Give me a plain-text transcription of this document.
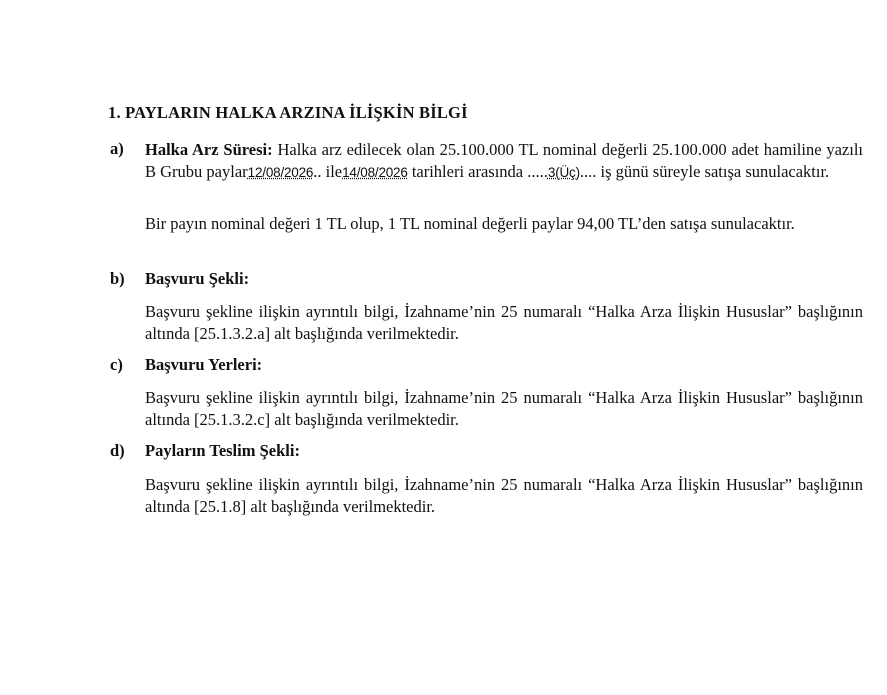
1. PAYLARIN HALKA ARZINA İLİŞKİN BİLGİ
a) Halka Arz Süresi: Halka arz edilecek olan 25.100.000 TL nominal değerli 25.100.000 adet hamiline yazılı B Grubu paylar12/08/2026.. ile14/08/2026 tarihleri arasında .....3(Üç).... iş günü süreyle satışa sunulacaktır.

Bir payın nominal değeri 1 TL olup, 1 TL nominal değerli paylar 94,00 TL’den satışa sunulacaktır.

b) Başvuru Şekli:

Başvuru şekline ilişkin ayrıntılı bilgi, İzahname’nin 25 numaralı “Halka Arza İlişkin Hususlar” başlığının altında [25.1.3.2.a] alt başlığında verilmektedir.

c) Başvuru Yerleri:

Başvuru şekline ilişkin ayrıntılı bilgi, İzahname’nin 25 numaralı “Halka Arza İlişkin Hususlar” başlığının altında [25.1.3.2.c] alt başlığında verilmektedir.

d) Payların Teslim Şekli:

Başvuru şekline ilişkin ayrıntılı bilgi, İzahname’nin 25 numaralı “Halka Arza İlişkin Hususlar” başlığının altında [25.1.8] alt başlığında verilmektedir.
